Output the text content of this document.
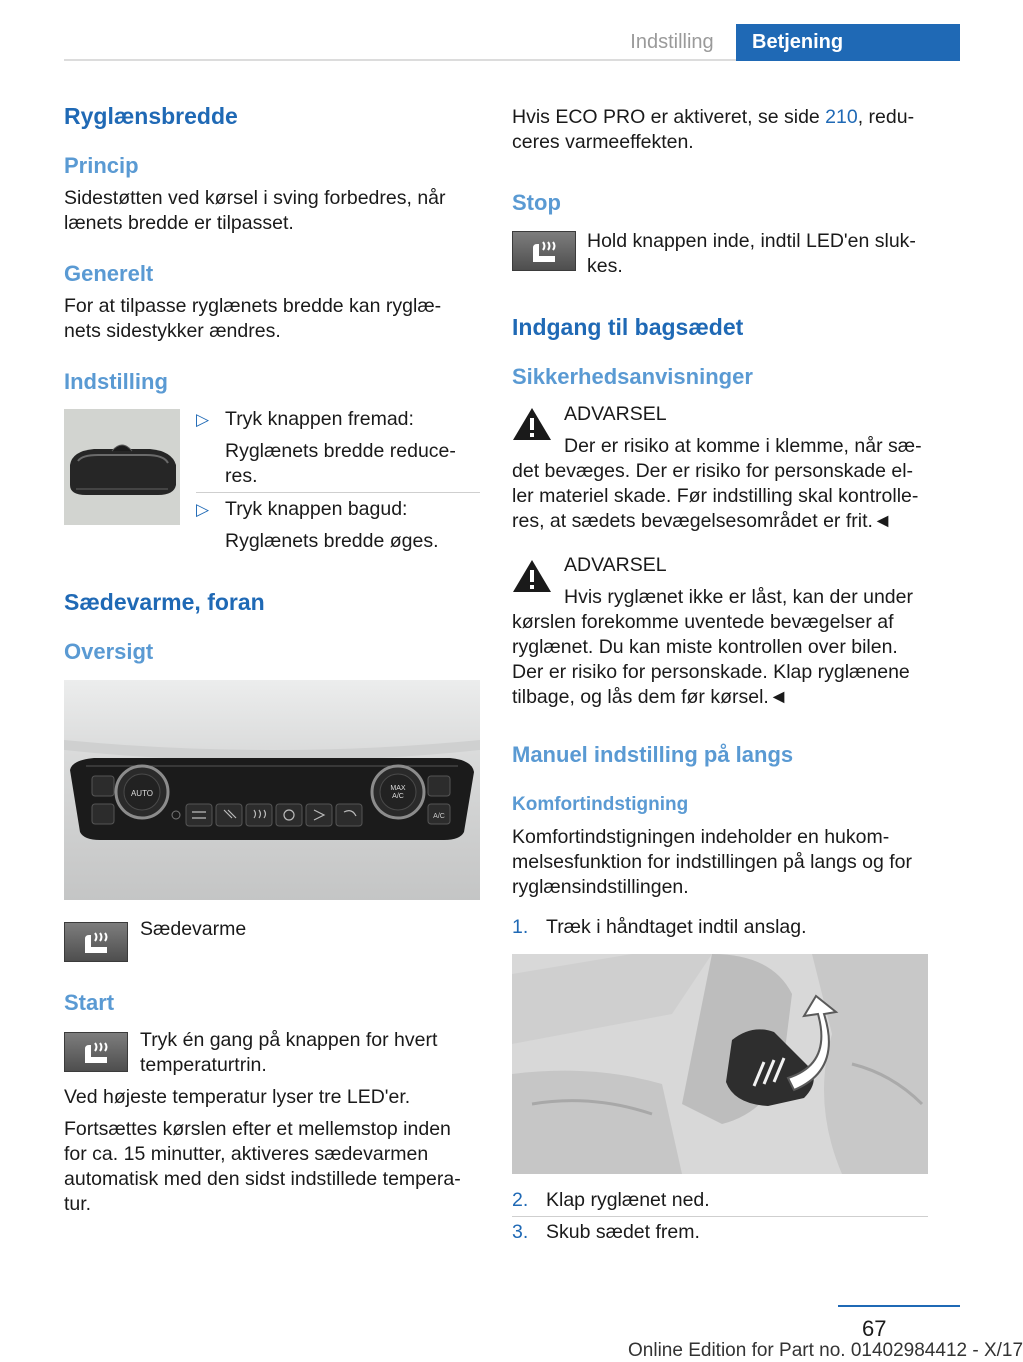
Indstilling	Betjening
Ryglænsbredde
Princip
Sidestøtten ved kørsel i sving forbedres, når
lænets bredde er tilpasset.
Generelt
For at tilpasse ryglænets bredde kan ryglæ-
nets sidestykker ændres.
Indstilling
▷ Tryk knappen fremad:
Ryglænets bredde reduce-
res.
▷ Tryk knappen bagud:
Ryglænets bredde øges.
Sædevarme, foran
Oversigt
AUTO
MAX
A/C
A/C
Sædevarme
Start
Tryk én gang på knappen for hvert
temperaturtrin.
Ved højeste temperatur lyser tre LED'er.
Fortsættes kørslen efter et mellemstop inden
for ca. 15 minutter, aktiveres sædevarmen
automatisk med den sidst indstillede tempera-
tur.
Hvis ECO PRO er aktiveret, se side 210, redu-
ceres varmeeffekten.
Stop
Hold knappen inde, indtil LED'en sluk-
kes.
Indgang til bagsædet
Sikkerhedsanvisninger
ADVARSEL
Der er risiko at komme i klemme, når sæ-
det bevæges. Der er risiko for personskade el-
ler materiel skade. Før indstilling skal kontrolle-
res, at sædets bevægelsesområdet er frit.◄
ADVARSEL
Hvis ryglænet ikke er låst, kan der under
kørslen forekomme uventede bevægelser af
ryglænet. Du kan miste kontrollen over bilen.
Der er risiko for personskade. Klap ryglænene
tilbage, og lås dem før kørsel.◄
Manuel indstilling på langs
Komfortindstigning
Komfortindstigningen indeholder en hukom-
melsesfunktion for indstillingen på langs og for
ryglænsindstillingen.
1. Træk i håndtaget indtil anslag.
2. Klap ryglænet ned.
3. Skub sædet frem.
67
Online Edition for Part no. 01402984412 - X/17
